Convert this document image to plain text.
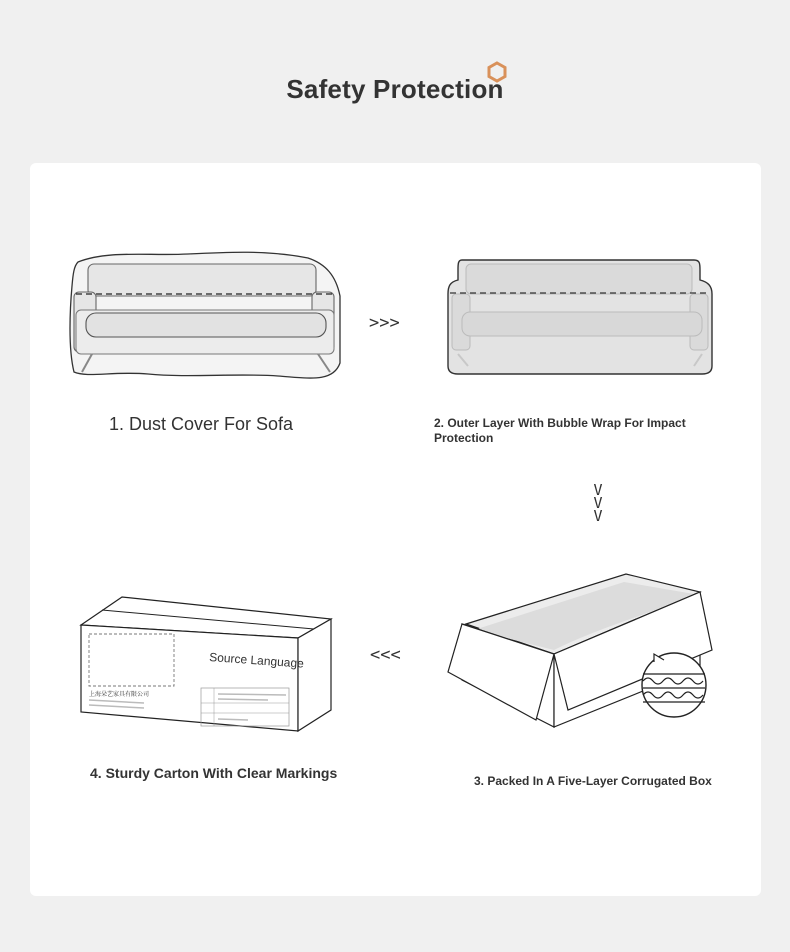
Safety Protection
>>>
1. Dust Cover For Sofa	2. Outer Layer With Bubble Wrap For Impact Protection
V
V
V
上海朵艺家具有限公司
Source Language	<<<
4. Sturdy Carton With Clear Markings	3. Packed In A Five-Layer Corrugated Box
